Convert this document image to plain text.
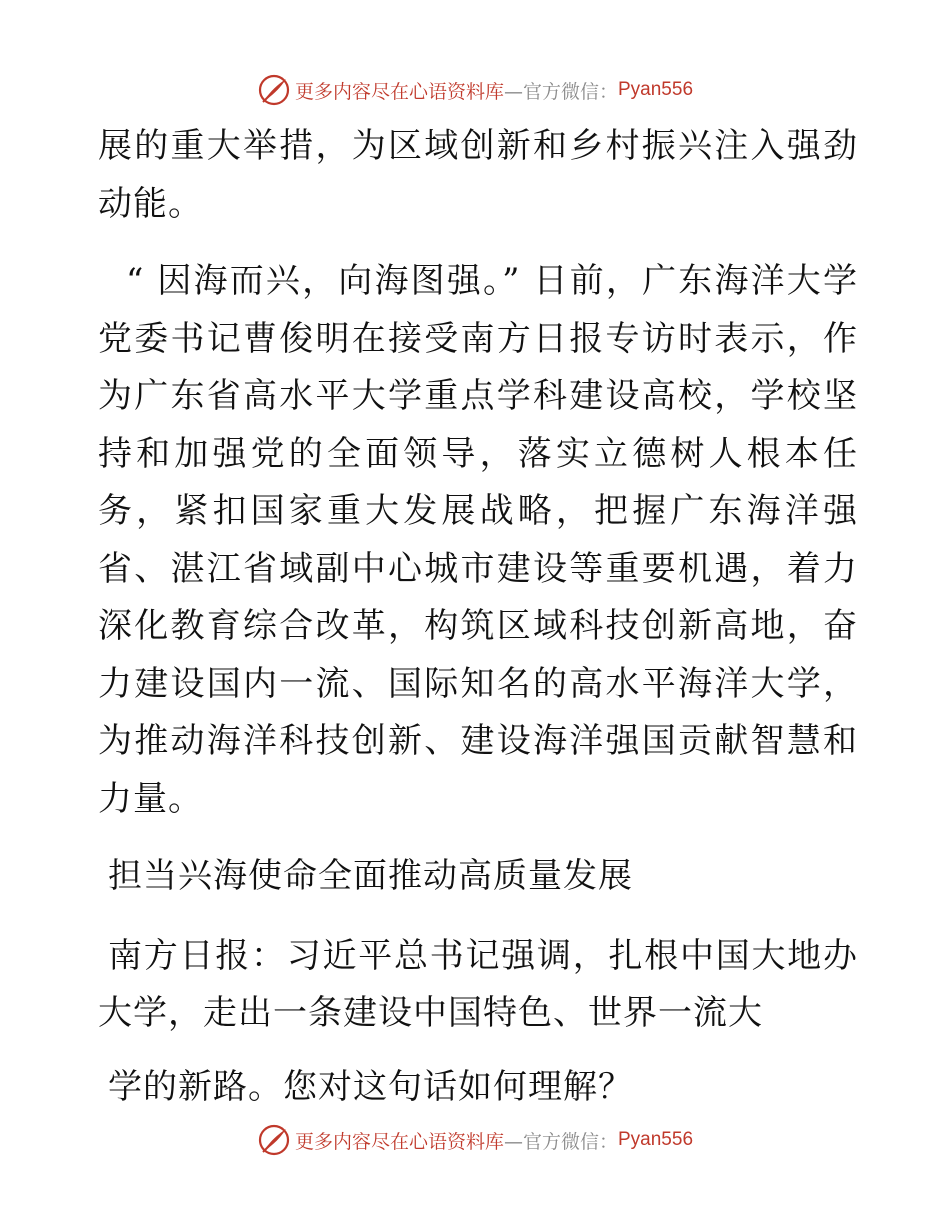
更多内容尽在心语资料库 —官方微信： Pyan556

展的重大举措，为区域创新和乡村振兴注入强劲动能。

“ 因海而兴，向海图强。” 日前，广东海洋大学党委书记曹俊明在接受南方日报专访时表示，作为广东省高水平大学重点学科建设高校，学校坚持和加强党的全面领导，落实立德树人根本任务，紧扣国家重大发展战略，把握广东海洋强省、湛江省域副中心城市建设等重要机遇，着力深化教育综合改革，构筑区域科技创新高地，奋力建设国内一流、国际知名的高水平海洋大学，为推动海洋科技创新、建设海洋强国贡献智慧和力量。

担当兴海使命全面推动高质量发展

南方日报：习近平总书记强调，扎根中国大地办大学，走出一条建设中国特色、世界一流大

学的新路。您对这句话如何理解？

更多内容尽在心语资料库 —官方微信： Pyan556
